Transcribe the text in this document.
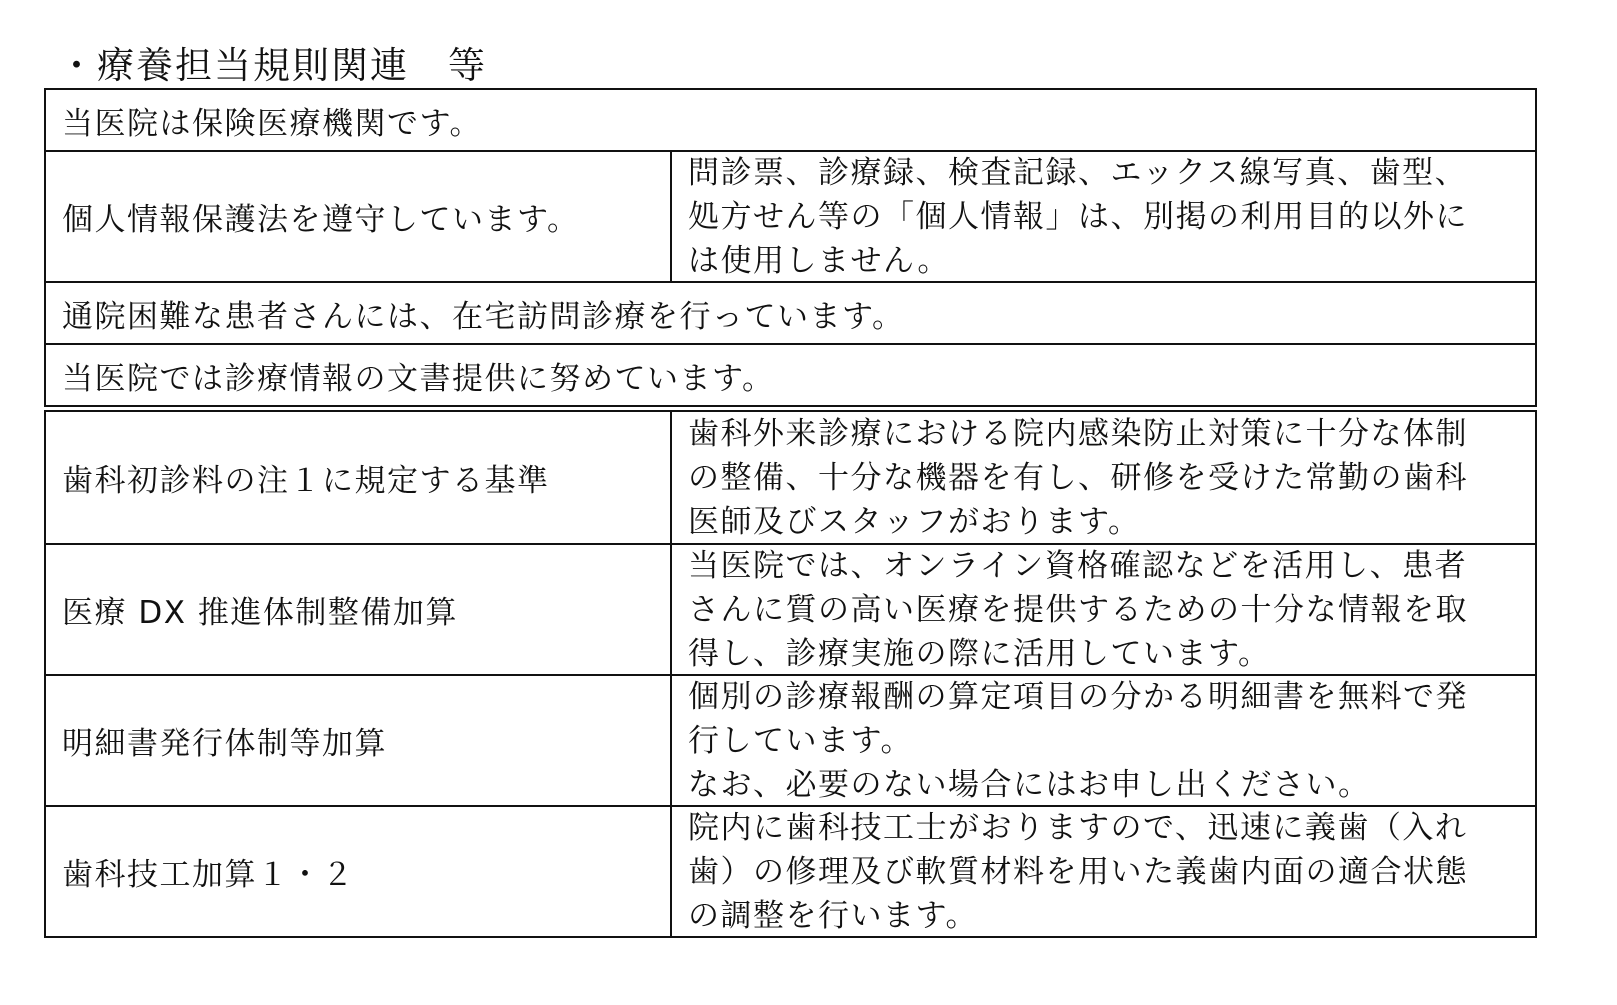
・療養担当規則関連　等
当医院は保険医療機関です。
個人情報保護法を遵守しています。
問診票、診療録、検査記録、エックス線写真、歯型、
処方せん等の「個人情報」は、別掲の利用目的以外に
は使用しません。
通院困難な患者さんには、在宅訪問診療を行っています。
当医院では診療情報の文書提供に努めています。
歯科初診料の注１に規定する基準
歯科外来診療における院内感染防止対策に十分な体制
の整備、十分な機器を有し、研修を受けた常勤の歯科
医師及びスタッフがおります。
医療 DX 推進体制整備加算
当医院では、オンライン資格確認などを活用し、患者
さんに質の高い医療を提供するための十分な情報を取
得し、診療実施の際に活用しています。
明細書発行体制等加算
個別の診療報酬の算定項目の分かる明細書を無料で発
行しています。
なお、必要のない場合にはお申し出ください。
歯科技工加算１・２
院内に歯科技工士がおりますので、迅速に義歯（入れ
歯）の修理及び軟質材料を用いた義歯内面の適合状態
の調整を行います。
